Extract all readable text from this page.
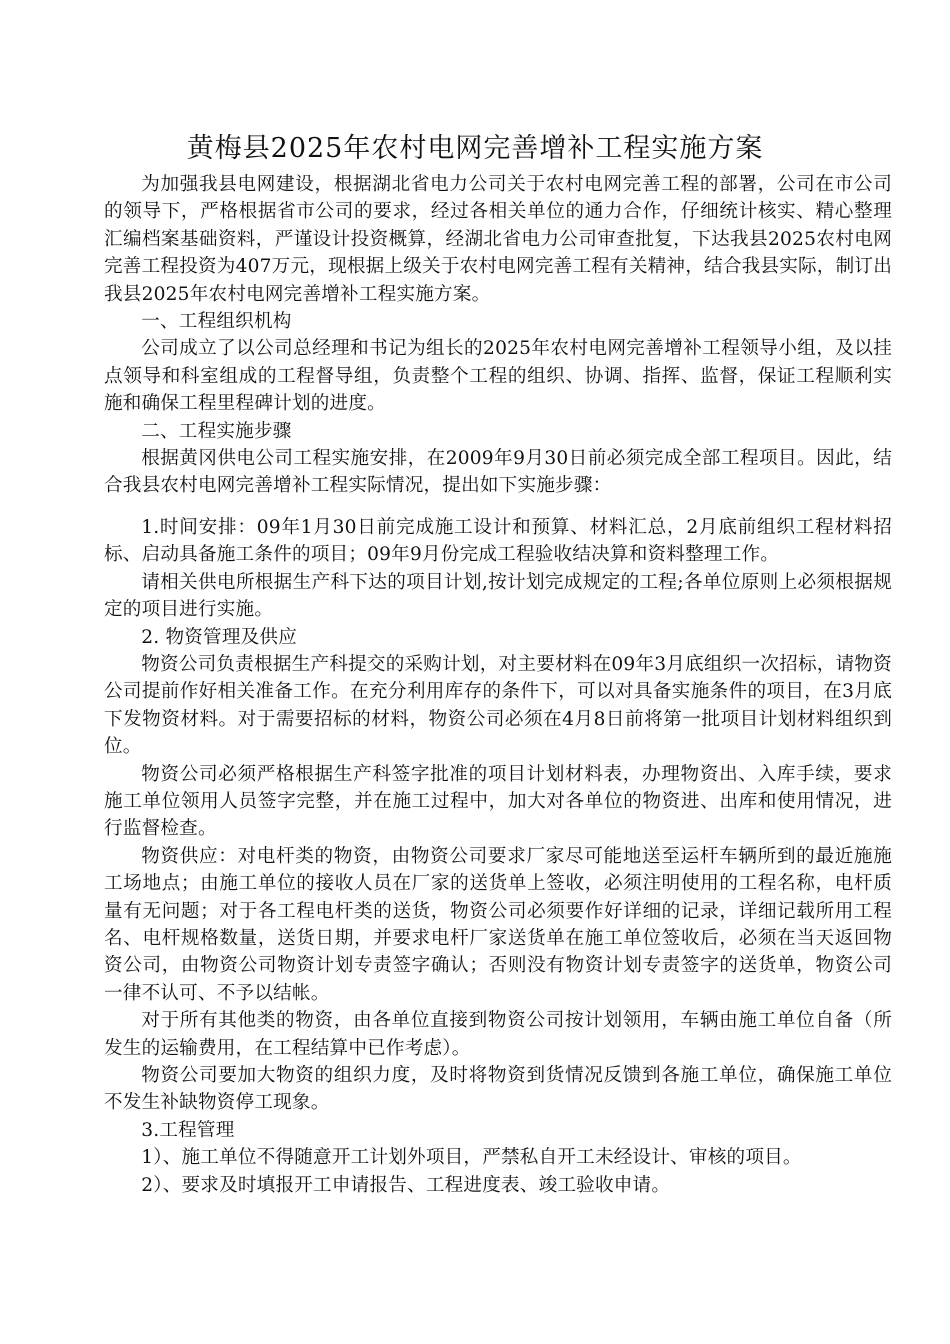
黄梅县2025年农村电网完善增补工程实施方案

为加强我县电网建设，根据湖北省电力公司关于农村电网完善工程的部署，公司在市公司的领导下，严格根据省市公司的要求，经过各相关单位的通力合作，仔细统计核实、精心整理汇编档案基础资料，严谨设计投资概算，经湖北省电力公司审查批复，下达我县2025农村电网完善工程投资为407万元，现根据上级关于农村电网完善工程有关精神，结合我县实际，制订出我县2025年农村电网完善增补工程实施方案。

一、工程组织机构

公司成立了以公司总经理和书记为组长的2025年农村电网完善增补工程领导小组，及以挂点领导和科室组成的工程督导组，负责整个工程的组织、协调、指挥、监督，保证工程顺利实施和确保工程里程碑计划的进度。

二、工程实施步骤

根据黄冈供电公司工程实施安排，在2009年9月30日前必须完成全部工程项目。因此，结合我县农村电网完善增补工程实际情况，提出如下实施步骤：

1.时间安排：09年1月30日前完成施工设计和预算、材料汇总，2月底前组织工程材料招标、启动具备施工条件的项目；09年9月份完成工程验收结决算和资料整理工作。

请相关供电所根据生产科下达的项目计划,按计划完成规定的工程;各单位原则上必须根据规定的项目进行实施。

2. 物资管理及供应

物资公司负责根据生产科提交的采购计划，对主要材料在09年3月底组织一次招标，请物资公司提前作好相关准备工作。在充分利用库存的条件下，可以对具备实施条件的项目，在3月底下发物资材料。对于需要招标的材料，物资公司必须在4月8日前将第一批项目计划材料组织到位。

物资公司必须严格根据生产科签字批准的项目计划材料表，办理物资出、入库手续，要求施工单位领用人员签字完整，并在施工过程中，加大对各单位的物资进、出库和使用情况，进行监督检查。

物资供应：对电杆类的物资，由物资公司要求厂家尽可能地送至运杆车辆所到的最近施施工场地点；由施工单位的接收人员在厂家的送货单上签收，必须注明使用的工程名称，电杆质量有无问题；对于各工程电杆类的送货，物资公司必须要作好详细的记录，详细记载所用工程名、电杆规格数量，送货日期，并要求电杆厂家送货单在施工单位签收后，必须在当天返回物资公司，由物资公司物资计划专责签字确认；否则没有物资计划专责签字的送货单，物资公司一律不认可、不予以结帐。

对于所有其他类的物资，由各单位直接到物资公司按计划领用，车辆由施工单位自备（所发生的运输费用，在工程结算中已作考虑）。

物资公司要加大物资的组织力度，及时将物资到货情况反馈到各施工单位，确保施工单位不发生补缺物资停工现象。

3.工程管理

1）、施工单位不得随意开工计划外项目，严禁私自开工未经设计、审核的项目。

2）、要求及时填报开工申请报告、工程进度表、竣工验收申请。
